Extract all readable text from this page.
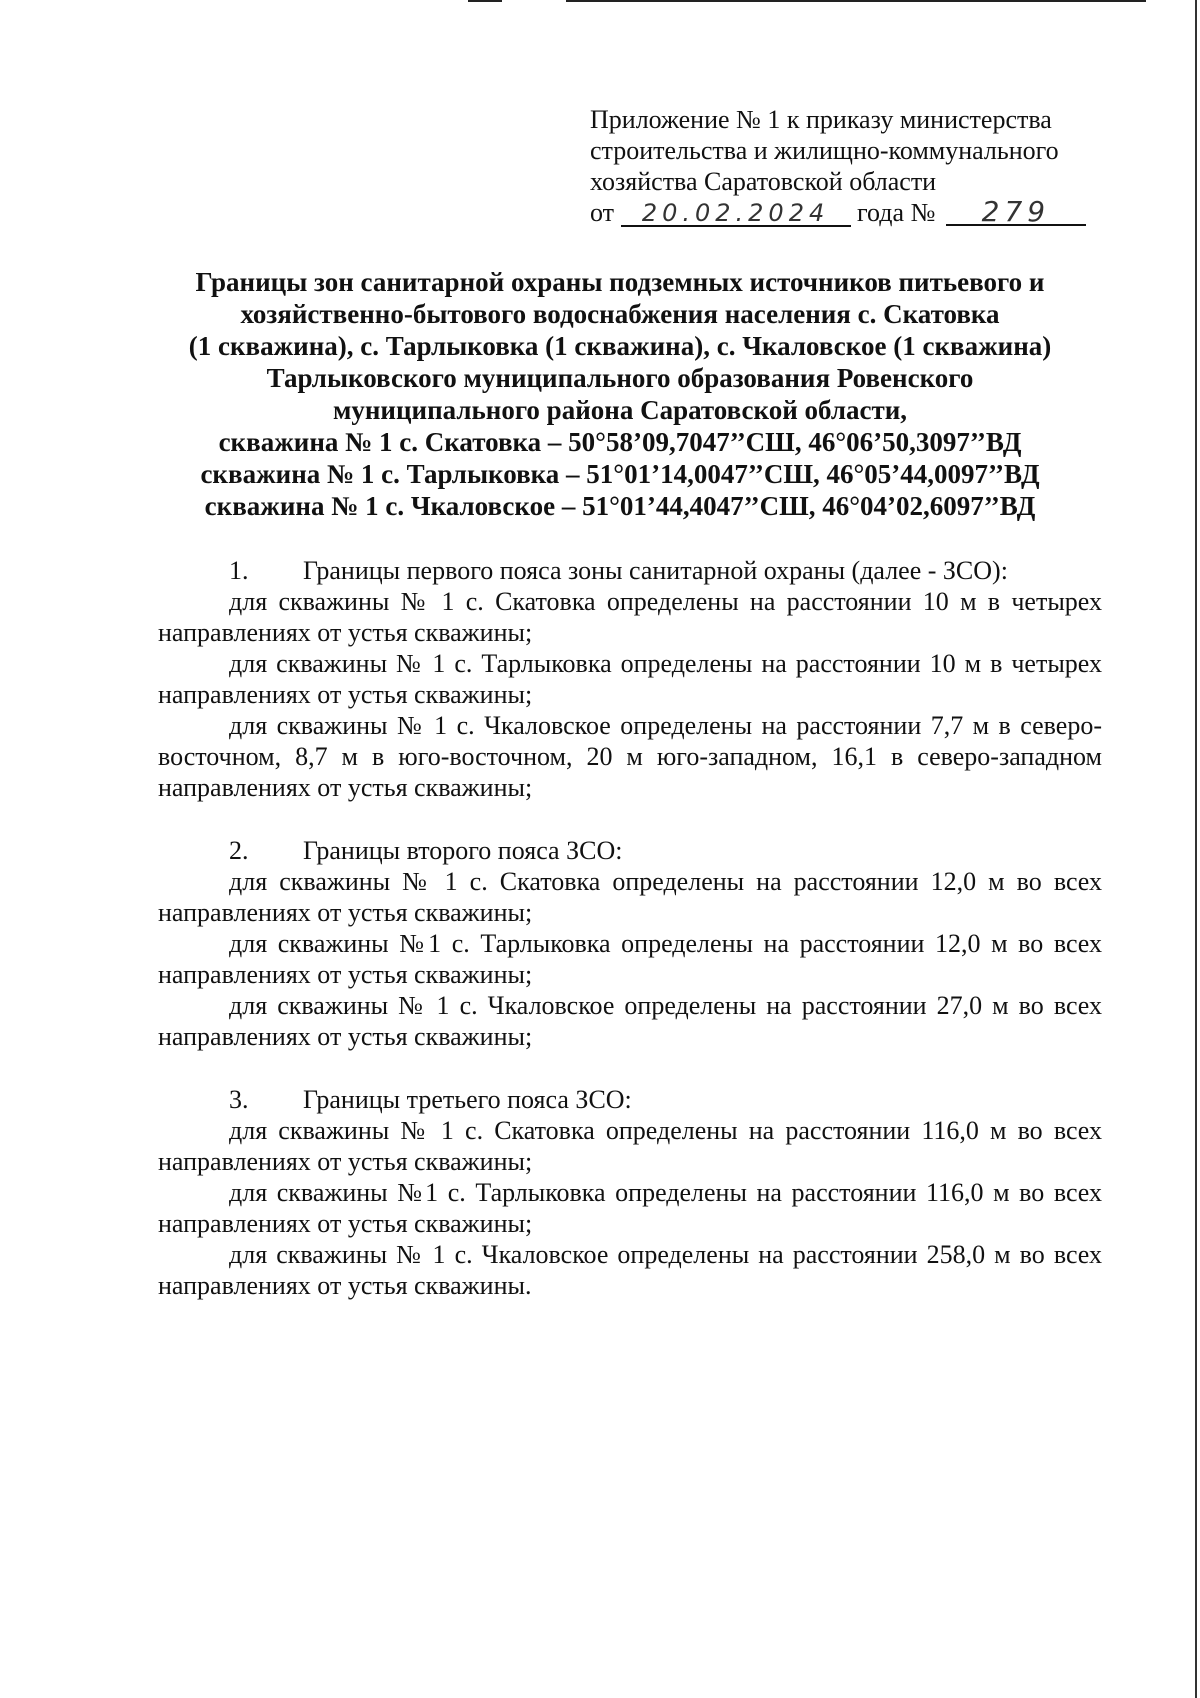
Приложение № 1 к приказу министерства
строительства и жилищно-коммунального
хозяйства Саратовской области
от 20.02.2024 года № 279
Границы зон санитарной охраны подземных источников питьевого и
хозяйственно-бытового водоснабжения населения с. Скатовка
(1 скважина), с. Тарлыковка (1 скважина), с. Чкаловское (1 скважина)
Тарлыковского муниципального образования Ровенского
муниципального района Саратовской области,
скважина № 1 с. Скатовка – 50°58’09,7047’’СШ, 46°06’50,3097’’ВД
скважина № 1 с. Тарлыковка – 51°01’14,0047’’СШ, 46°05’44,0097’’ВД
скважина № 1 с. Чкаловское – 51°01’44,4047’’СШ, 46°04’02,6097’’ВД
1. Границы первого пояса зоны санитарной охраны (далее - ЗСО):
для скважины № 1 с. Скатовка определены на расстоянии 10 м в четырех направлениях от устья скважины;
для скважины № 1 с. Тарлыковка определены на расстоянии 10 м в четырех направлениях от устья скважины;
для скважины № 1 с. Чкаловское определены на расстоянии 7,7 м в северо-восточном, 8,7 м в юго-восточном, 20 м юго-западном, 16,1 в северо-западном направлениях от устья скважины;
2. Границы второго пояса ЗСО:
для скважины № 1 с. Скатовка определены на расстоянии 12,0 м во всех направлениях от устья скважины;
для скважины №1 с. Тарлыковка определены на расстоянии 12,0 м во всех направлениях от устья скважины;
для скважины № 1 с. Чкаловское определены на расстоянии 27,0 м во всех направлениях от устья скважины;
3. Границы третьего пояса ЗСО:
для скважины № 1 с. Скатовка определены на расстоянии 116,0 м во всех направлениях от устья скважины;
для скважины №1 с. Тарлыковка определены на расстоянии 116,0 м во всех направлениях от устья скважины;
для скважины № 1 с. Чкаловское определены на расстоянии 258,0 м во всех направлениях от устья скважины.
